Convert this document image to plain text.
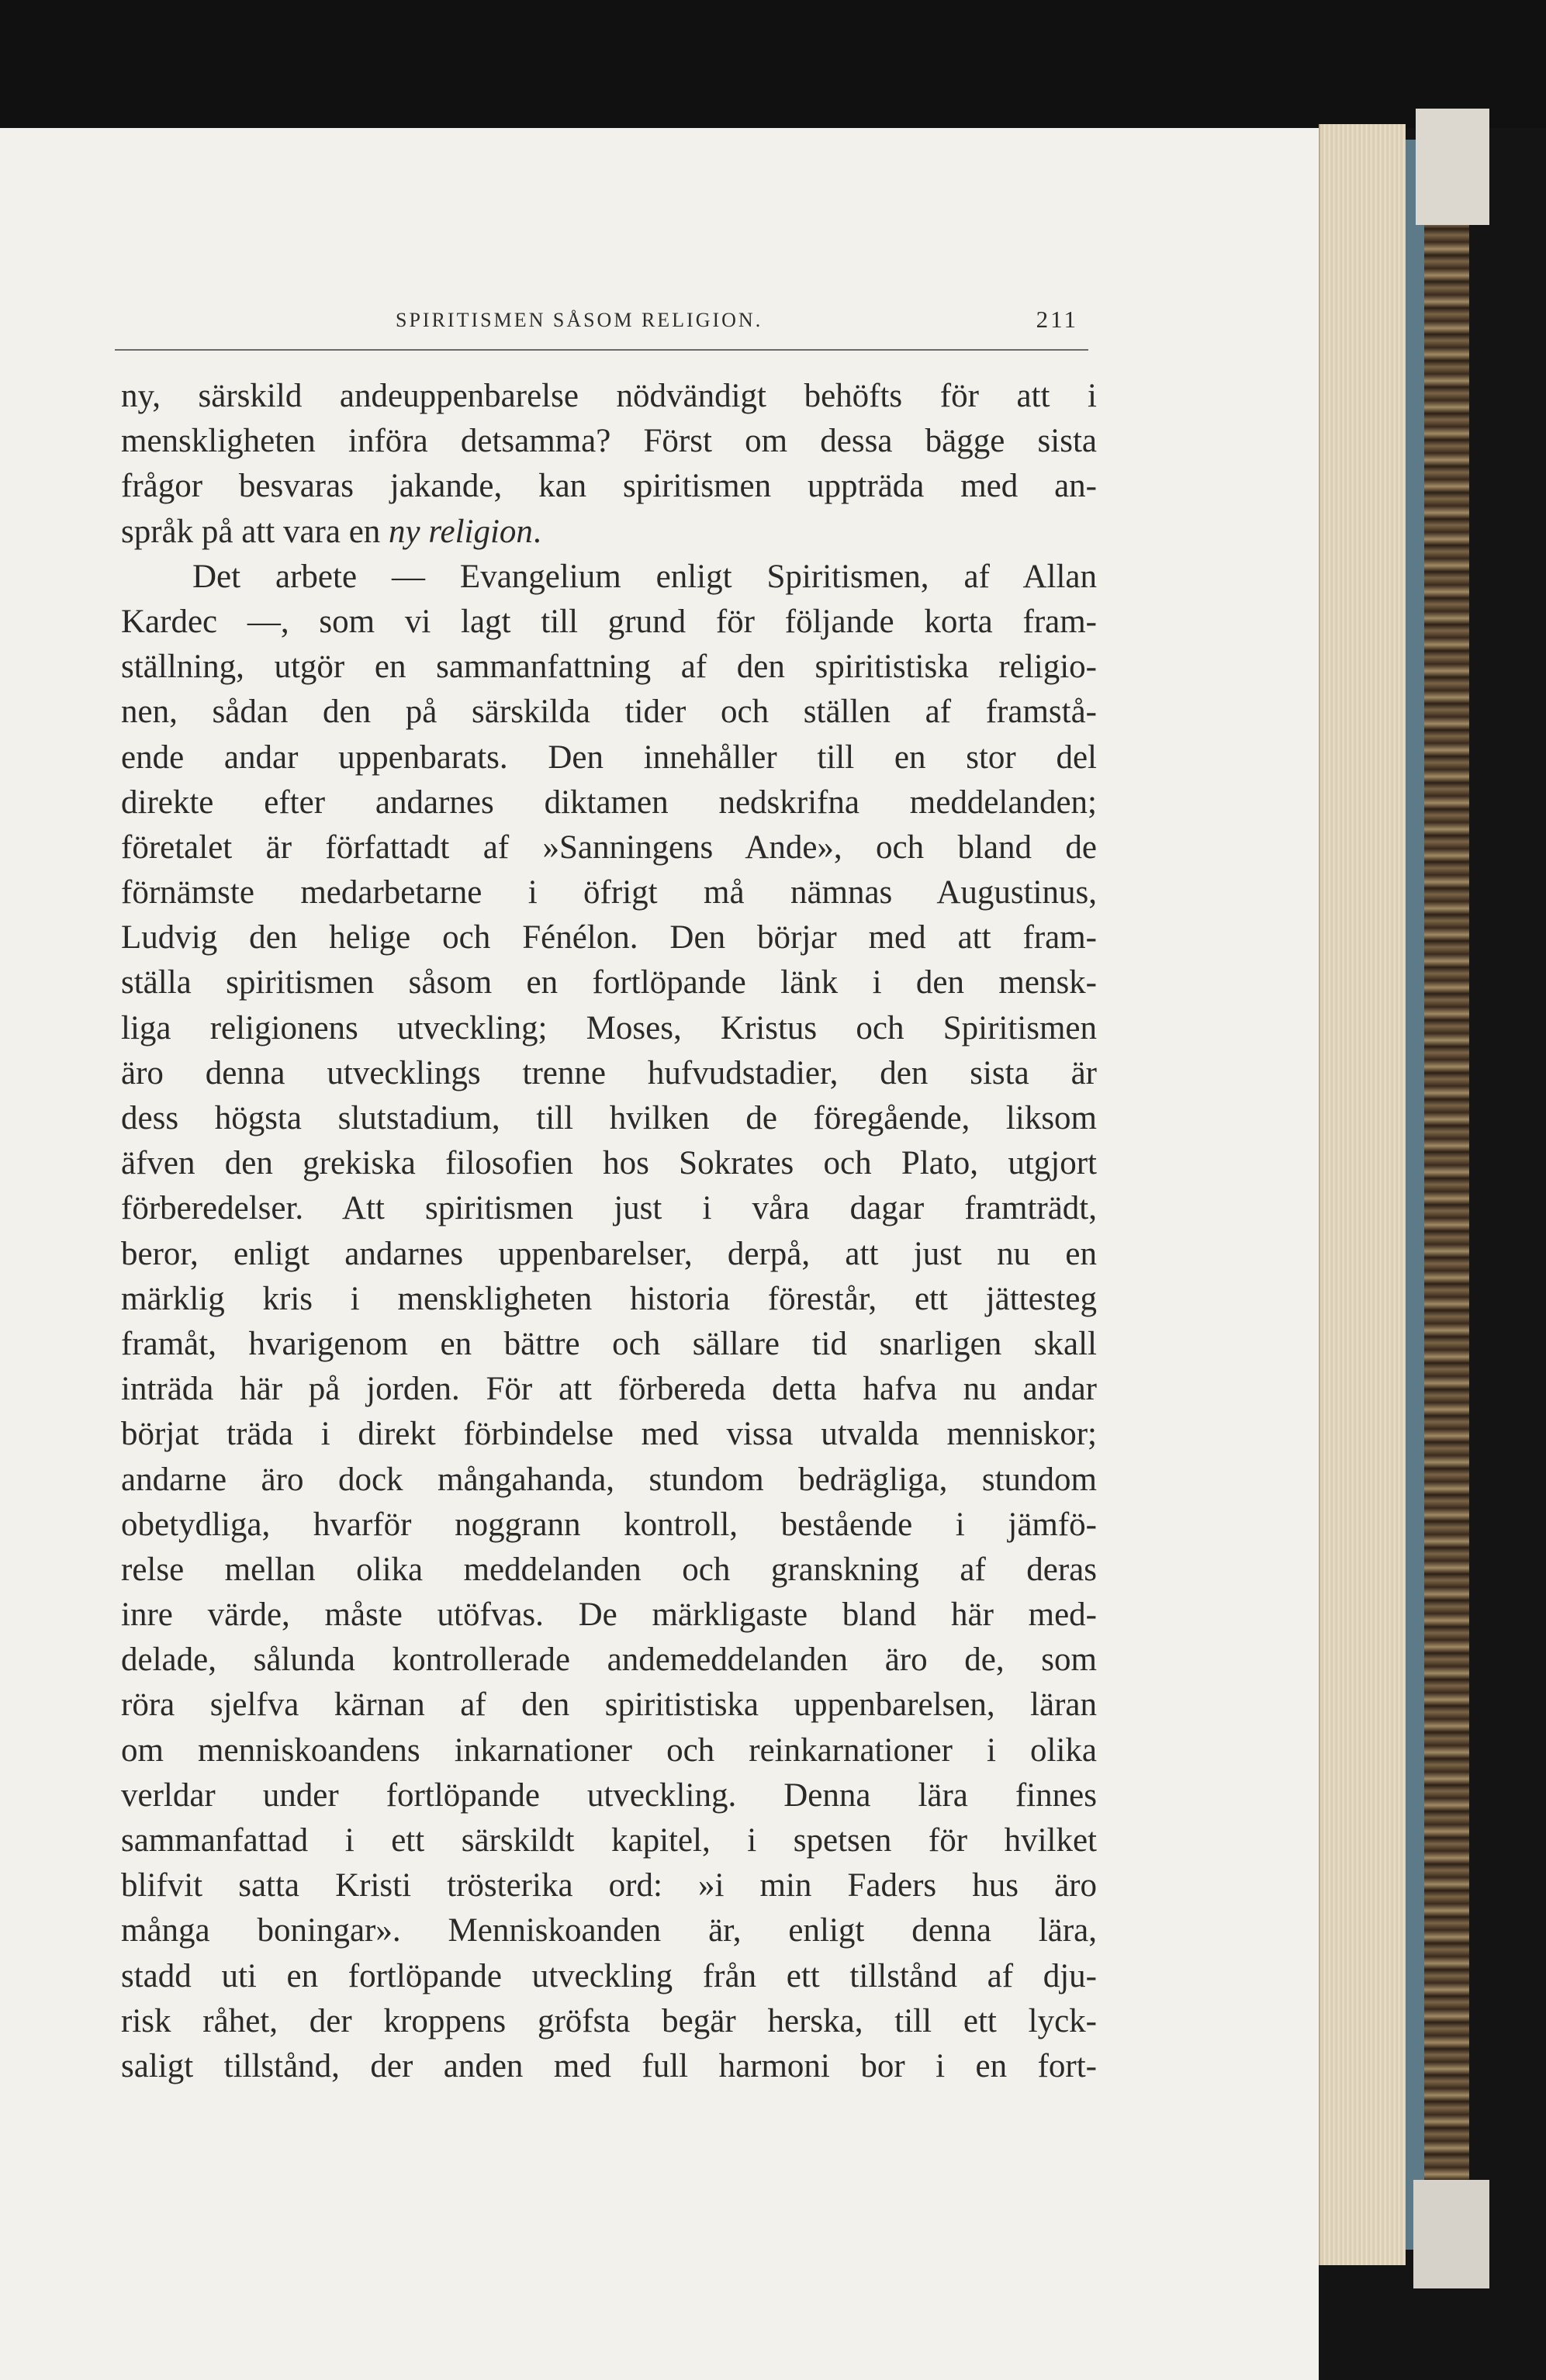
SPIRITISMEN SÅSOM RELIGION.	211
ny, särskild andeuppenbarelse nödvändigt behöfts för att i
menskligheten införa detsamma? Först om dessa bägge sista
frågor besvaras jakande, kan spiritismen uppträda med an-
språk på att vara en ny religion.
Det arbete — Evangelium enligt Spiritismen, af Allan
Kardec —, som vi lagt till grund för följande korta fram-
ställning, utgör en sammanfattning af den spiritistiska religio-
nen, sådan den på särskilda tider och ställen af framstå-
ende andar uppenbarats. Den innehåller till en stor del
direkte efter andarnes diktamen nedskrifna meddelanden;
företalet är författadt af »Sanningens Ande», och bland de
förnämste medarbetarne i öfrigt må nämnas Augustinus,
Ludvig den helige och Fénélon. Den börjar med att fram-
ställa spiritismen såsom en fortlöpande länk i den mensk-
liga religionens utveckling; Moses, Kristus och Spiritismen
äro denna utvecklings trenne hufvudstadier, den sista är
dess högsta slutstadium, till hvilken de föregående, liksom
äfven den grekiska filosofien hos Sokrates och Plato, utgjort
förberedelser. Att spiritismen just i våra dagar framträdt,
beror, enligt andarnes uppenbarelser, derpå, att just nu en
märklig kris i menskligheten historia förestår, ett jättesteg
framåt, hvarigenom en bättre och sällare tid snarligen skall
inträda här på jorden. För att förbereda detta hafva nu andar
börjat träda i direkt förbindelse med vissa utvalda menniskor;
andarne äro dock mångahanda, stundom bedrägliga, stundom
obetydliga, hvarför noggrann kontroll, bestående i jämfö-
relse mellan olika meddelanden och granskning af deras
inre värde, måste utöfvas. De märkligaste bland här med-
delade, sålunda kontrollerade andemeddelanden äro de, som
röra sjelfva kärnan af den spiritistiska uppenbarelsen, läran
om menniskoandens inkarnationer och reinkarnationer i olika
verldar under fortlöpande utveckling. Denna lära finnes
sammanfattad i ett särskildt kapitel, i spetsen för hvilket
blifvit satta Kristi trösterika ord: »i min Faders hus äro
många boningar». Menniskoanden är, enligt denna lära,
stadd uti en fortlöpande utveckling från ett tillstånd af dju-
risk råhet, der kroppens gröfsta begär herska, till ett lyck-
saligt tillstånd, der anden med full harmoni bor i en fort-
